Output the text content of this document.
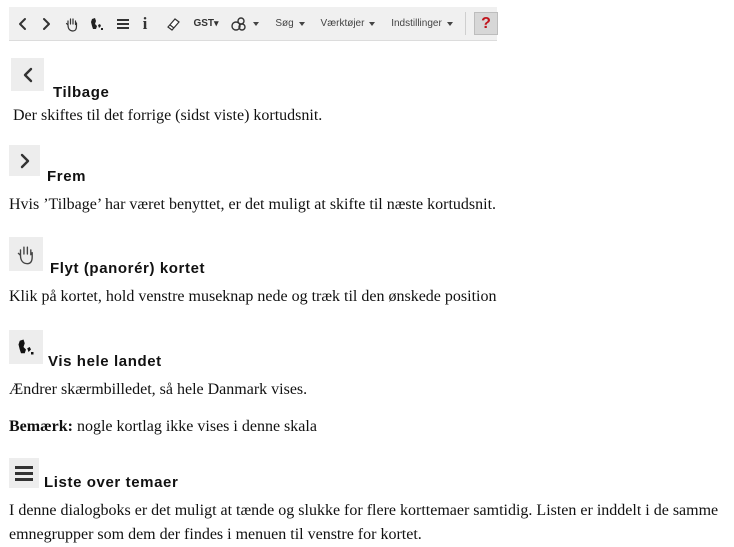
i	GST ▾	Søg	Værktøjer	Indstillinger ?
Tilbage
Der skiftes til det forrige (sidst viste) kortudsnit.
Frem
Hvis ’Tilbage’ har været benyttet, er det muligt at skifte til næste kortudsnit.
Flyt (panorér) kortet
Klik på kortet, hold venstre museknap nede og træk til den ønskede position
Vis hele landet
Ændrer skærmbilledet, så hele Danmark vises.
Bemærk: nogle kortlag ikke vises i denne skala
Liste over temaer
I denne dialogboks er det muligt at tænde og slukke for flere korttemaer samtidig. Listen er inddelt i de samme emnegrupper som dem der findes i menuen til venstre for kortet.
